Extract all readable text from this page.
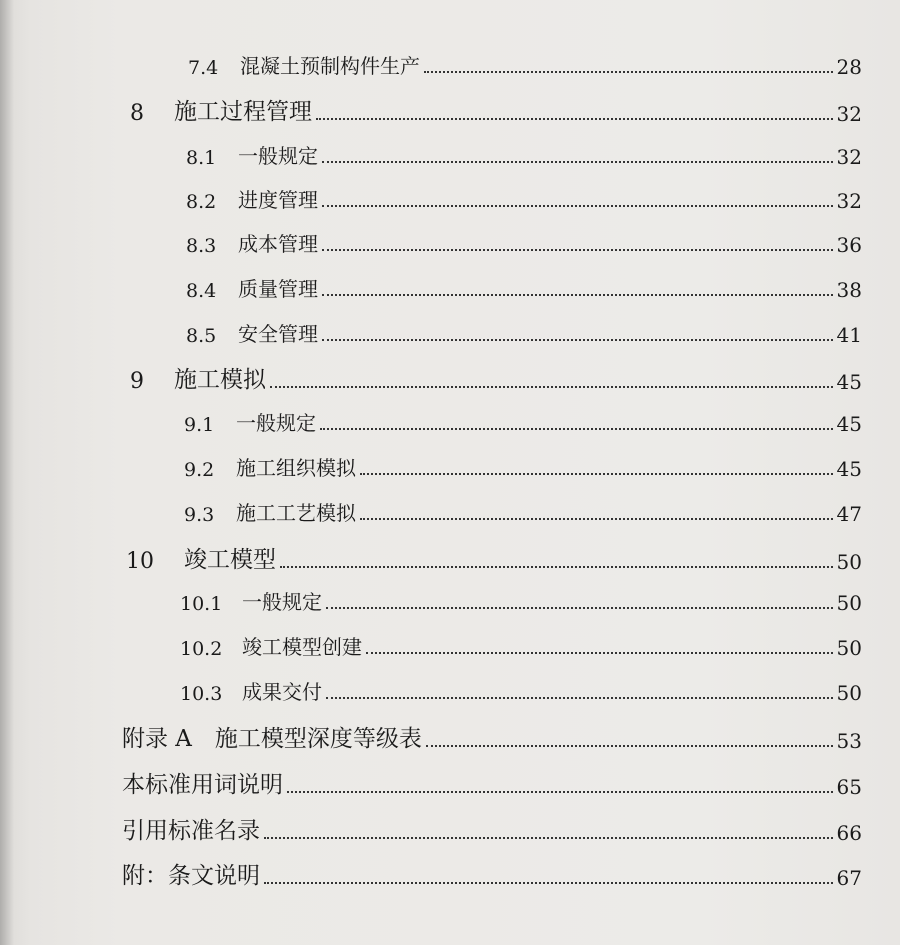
7.4	混凝土预制构件生产	28
8	施工过程管理	32
8.1	一般规定	32
8.2	进度管理	32
8.3	成本管理	36
8.4	质量管理	38
8.5	安全管理	41
9	施工模拟	45
9.1	一般规定	45
9.2	施工组织模拟	45
9.3	施工工艺模拟	47
10	竣工模型	50
10.1 一般规定	50
10.2 竣工模型创建	50
10.3 成果交付	50
附录 A　施工模型深度等级表	53
本标准用词说明	65
引用标准名录	66
附：条文说明	67
